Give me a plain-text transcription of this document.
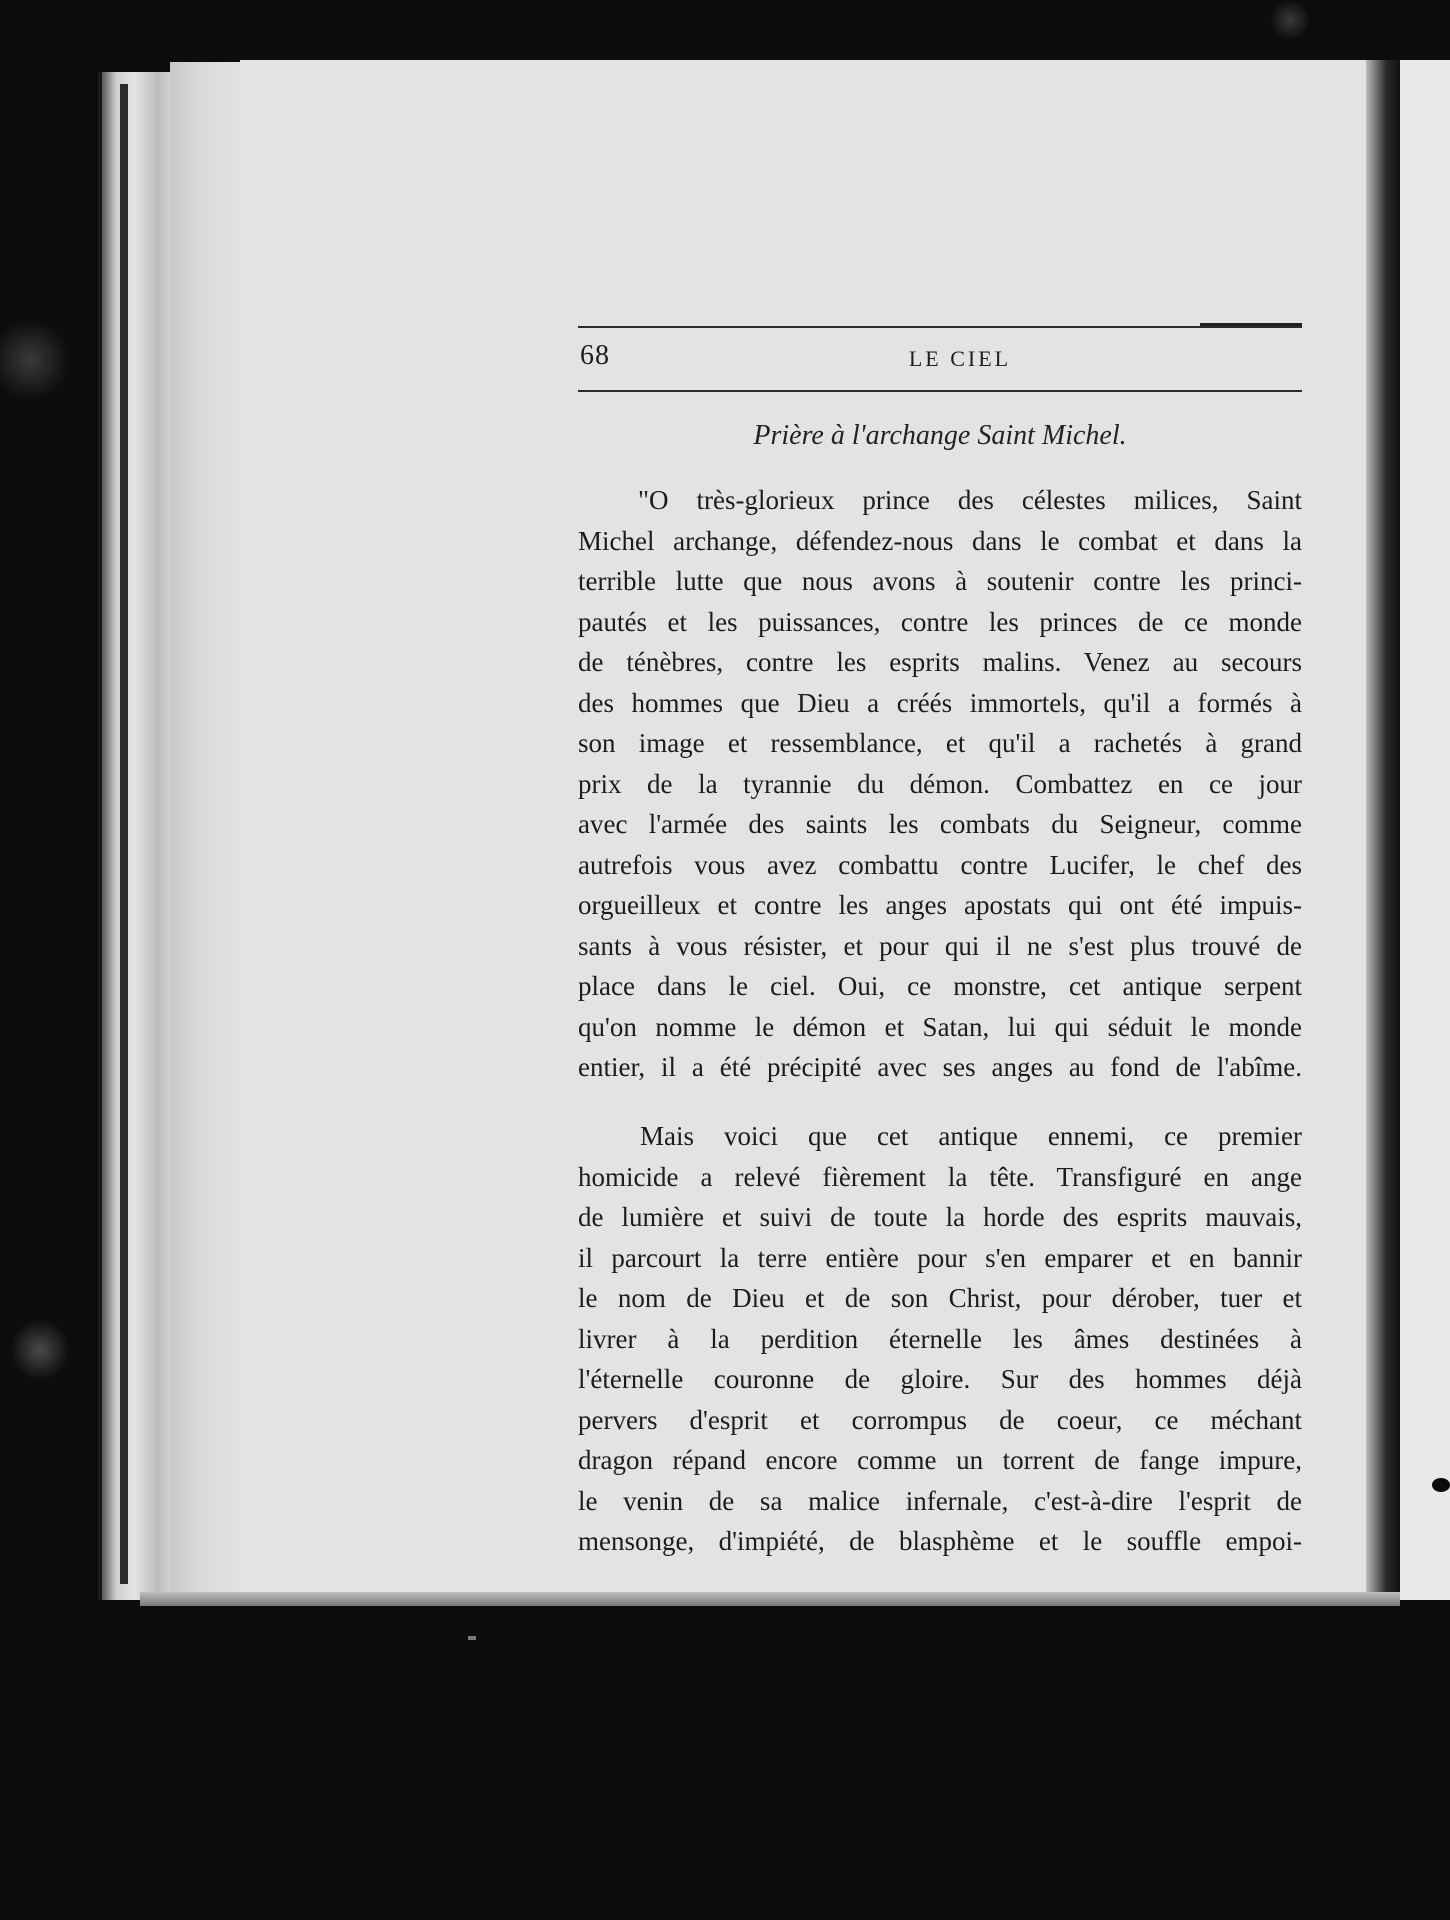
68	LE CIEL
Prière à l'archange Saint Michel.
"O très-glorieux prince des célestes milices, Saint
Michel archange, défendez-nous dans le combat et dans la
terrible lutte que nous avons à soutenir contre les princi-
pautés et les puissances, contre les princes de ce monde
de ténèbres, contre les esprits malins. Venez au secours
des hommes que Dieu a créés immortels, qu'il a formés à
son image et ressemblance, et qu'il a rachetés à grand
prix de la tyrannie du démon. Combattez en ce jour
avec l'armée des saints les combats du Seigneur, comme
autrefois vous avez combattu contre Lucifer, le chef des
orgueilleux et contre les anges apostats qui ont été impuis-
sants à vous résister, et pour qui il ne s'est plus trouvé de
place dans le ciel. Oui, ce monstre, cet antique serpent
qu'on nomme le démon et Satan, lui qui séduit le monde
entier, il a été précipité avec ses anges au fond de l'abîme.
Mais voici que cet antique ennemi, ce premier
homicide a relevé fièrement la tête. Transfiguré en ange
de lumière et suivi de toute la horde des esprits mauvais,
il parcourt la terre entière pour s'en emparer et en bannir
le nom de Dieu et de son Christ, pour dérober, tuer et
livrer à la perdition éternelle les âmes destinées à
l'éternelle couronne de gloire. Sur des hommes déjà
pervers d'esprit et corrompus de coeur, ce méchant
dragon répand encore comme un torrent de fange impure,
le venin de sa malice infernale, c'est-à-dire l'esprit de
mensonge, d'impiété, de blasphème et le souffle empoi-
